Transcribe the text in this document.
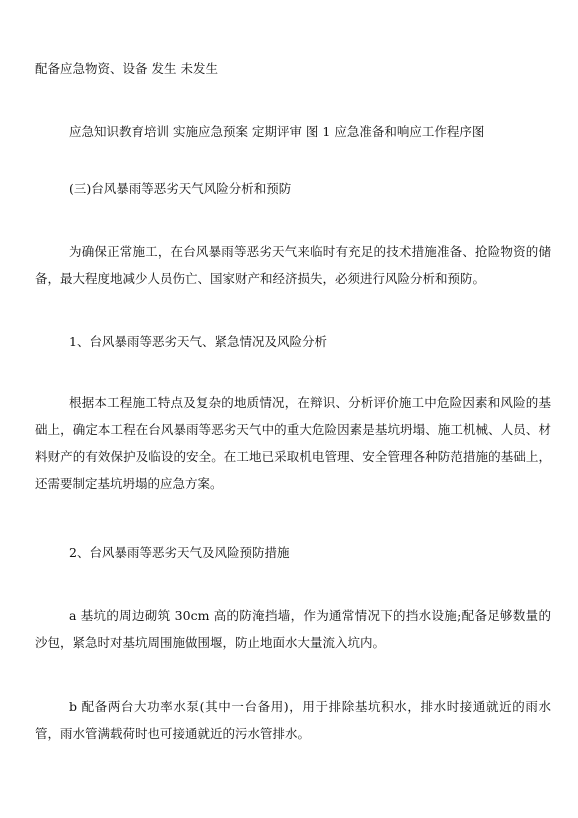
配备应急物资、设备 发生 未发生
应急知识教育培训 实施应急预案 定期评审 图 1 应急准备和响应工作程序图
(三)台风暴雨等恶劣天气风险分析和预防
为确保正常施工，在台风暴雨等恶劣天气来临时有充足的技术措施准备、抢险物资的储备，最大程度地减少人员伤亡、国家财产和经济损失，必须进行风险分析和预防。
1、台风暴雨等恶劣天气、紧急情况及风险分析
根据本工程施工特点及复杂的地质情况，在辩识、分析评价施工中危险因素和风险的基础上，确定本工程在台风暴雨等恶劣天气中的重大危险因素是基坑坍塌、施工机械、人员、材料财产的有效保护及临设的安全。在工地已采取机电管理、安全管理各种防范措施的基础上，还需要制定基坑坍塌的应急方案。
2、台风暴雨等恶劣天气及风险预防措施
a 基坑的周边砌筑 30cm 高的防淹挡墙，作为通常情况下的挡水设施;配备足够数量的沙包，紧急时对基坑周围施做围堰，防止地面水大量流入坑内。
b 配备两台大功率水泵(其中一台备用)，用于排除基坑积水，排水时接通就近的雨水管，雨水管满载荷时也可接通就近的污水管排水。
